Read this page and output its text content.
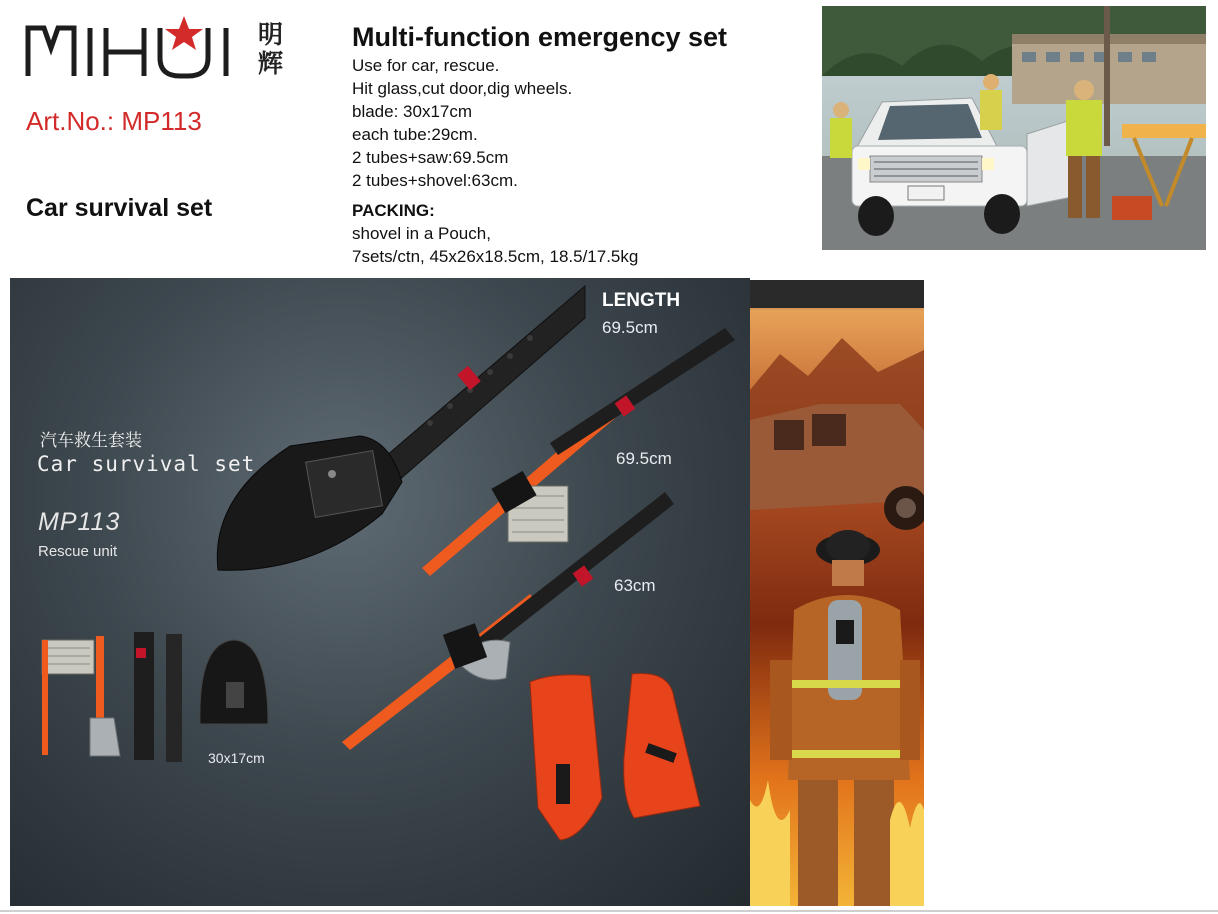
明辉
Art.No.: MP113
Car survival set
Multi-function emergency set
Use for car, rescue.
Hit glass,cut door,dig wheels.
blade: 30x17cm
each tube:29cm.
2 tubes+saw:69.5cm
2 tubes+shovel:63cm.
PACKING:
shovel in a Pouch,
7sets/ctn, 45x26x18.5cm, 18.5/17.5kg
汽车救生套装
Car survival set
MP113
Rescue unit
LENGTH
69.5cm
69.5cm
63cm
30x17cm
